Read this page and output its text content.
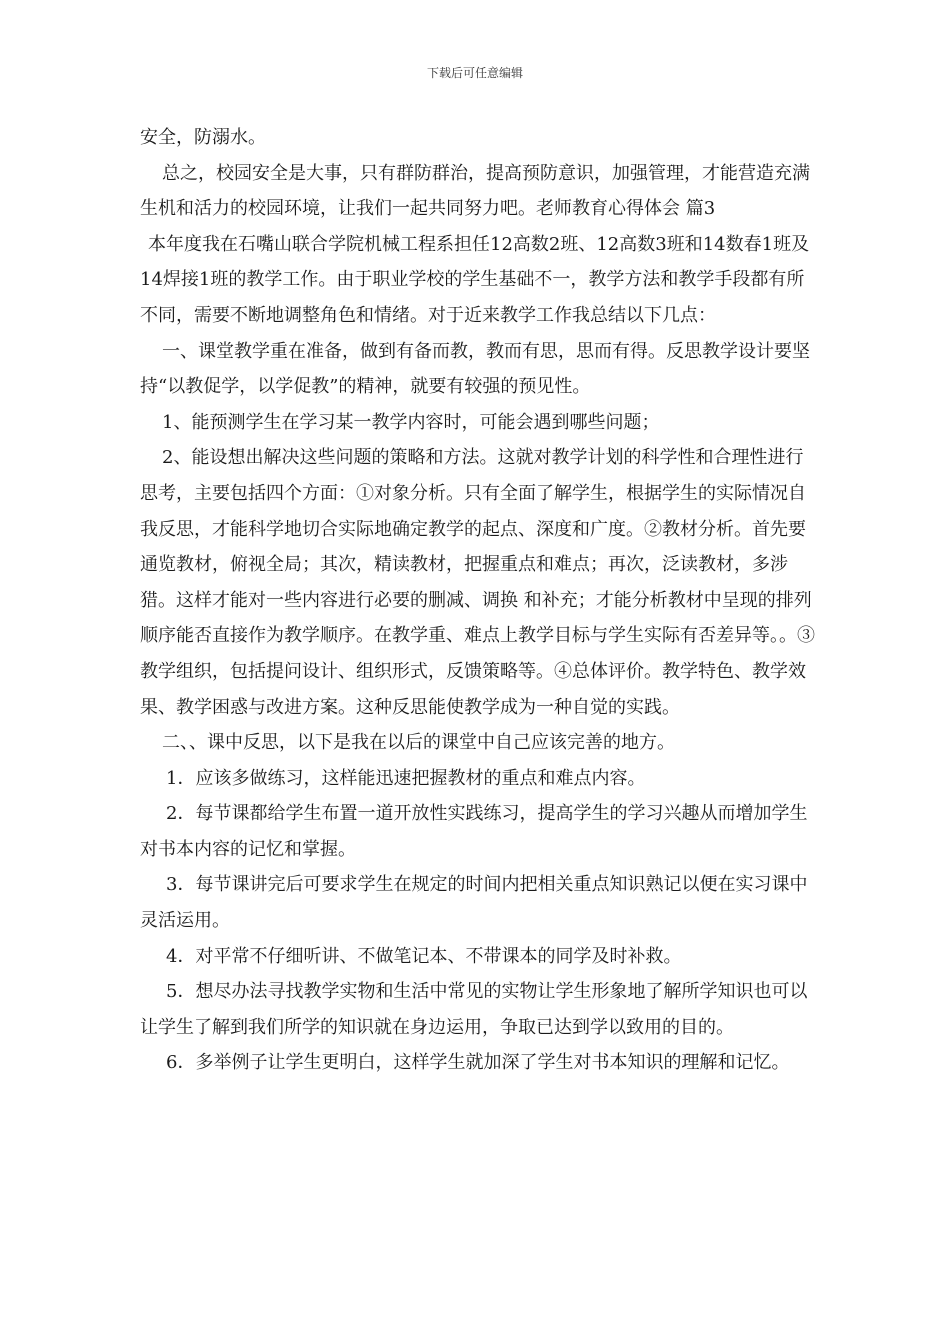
下载后可任意编辑

安全，防溺水。

总之，校园安全是大事，只有群防群治，提高预防意识，加强管理，才能营造充满生机和活力的校园环境，让我们一起共同努力吧。老师教育心得体会 篇3

本年度我在石嘴山联合学院机械工程系担任12高数2班、12高数3班和14数春1班及14焊接1班的教学工作。由于职业学校的学生基础不一，教学方法和教学手段都有所不同，需要不断地调整角色和情绪。对于近来教学工作我总结以下几点：

一、课堂教学重在准备，做到有备而教，教而有思，思而有得。反思教学设计要坚持“以教促学，以学促教”的精神，就要有较强的预见性。

1、能预测学生在学习某一教学内容时，可能会遇到哪些问题；

2、能设想出解决这些问题的策略和方法。这就对教学计划的科学性和合理性进行思考，主要包括四个方面：①对象分析。只有全面了解学生，根据学生的实际情况自我反思，才能科学地切合实际地确定教学的起点、深度和广度。②教材分析。首先要通览教材，俯视全局；其次，精读教材，把握重点和难点；再次，泛读教材，多涉猎。这样才能对一些内容进行必要的删减、调换 和补充；才能分析教材中呈现的排列顺序能否直接作为教学顺序。在教学重、难点上教学目标与学生实际有否差异等。。③教学组织，包括提问设计、组织形式，反馈策略等。④总体评价。教学特色、教学效果、教学困惑与改进方案。这种反思能使教学成为一种自觉的实践。

二、、课中反思，以下是我在以后的课堂中自己应该完善的地方。

1．应该多做练习，这样能迅速把握教材的重点和难点内容。

2．每节课都给学生布置一道开放性实践练习，提高学生的学习兴趣从而增加学生对书本内容的记忆和掌握。

3．每节课讲完后可要求学生在规定的时间内把相关重点知识熟记以便在实习课中灵活运用。

4．对平常不仔细听讲、不做笔记本、不带课本的同学及时补救。

5．想尽办法寻找教学实物和生活中常见的实物让学生形象地了解所学知识也可以让学生了解到我们所学的知识就在身边运用，争取已达到学以致用的目的。

6．多举例子让学生更明白，这样学生就加深了学生对书本知识的理解和记忆。
